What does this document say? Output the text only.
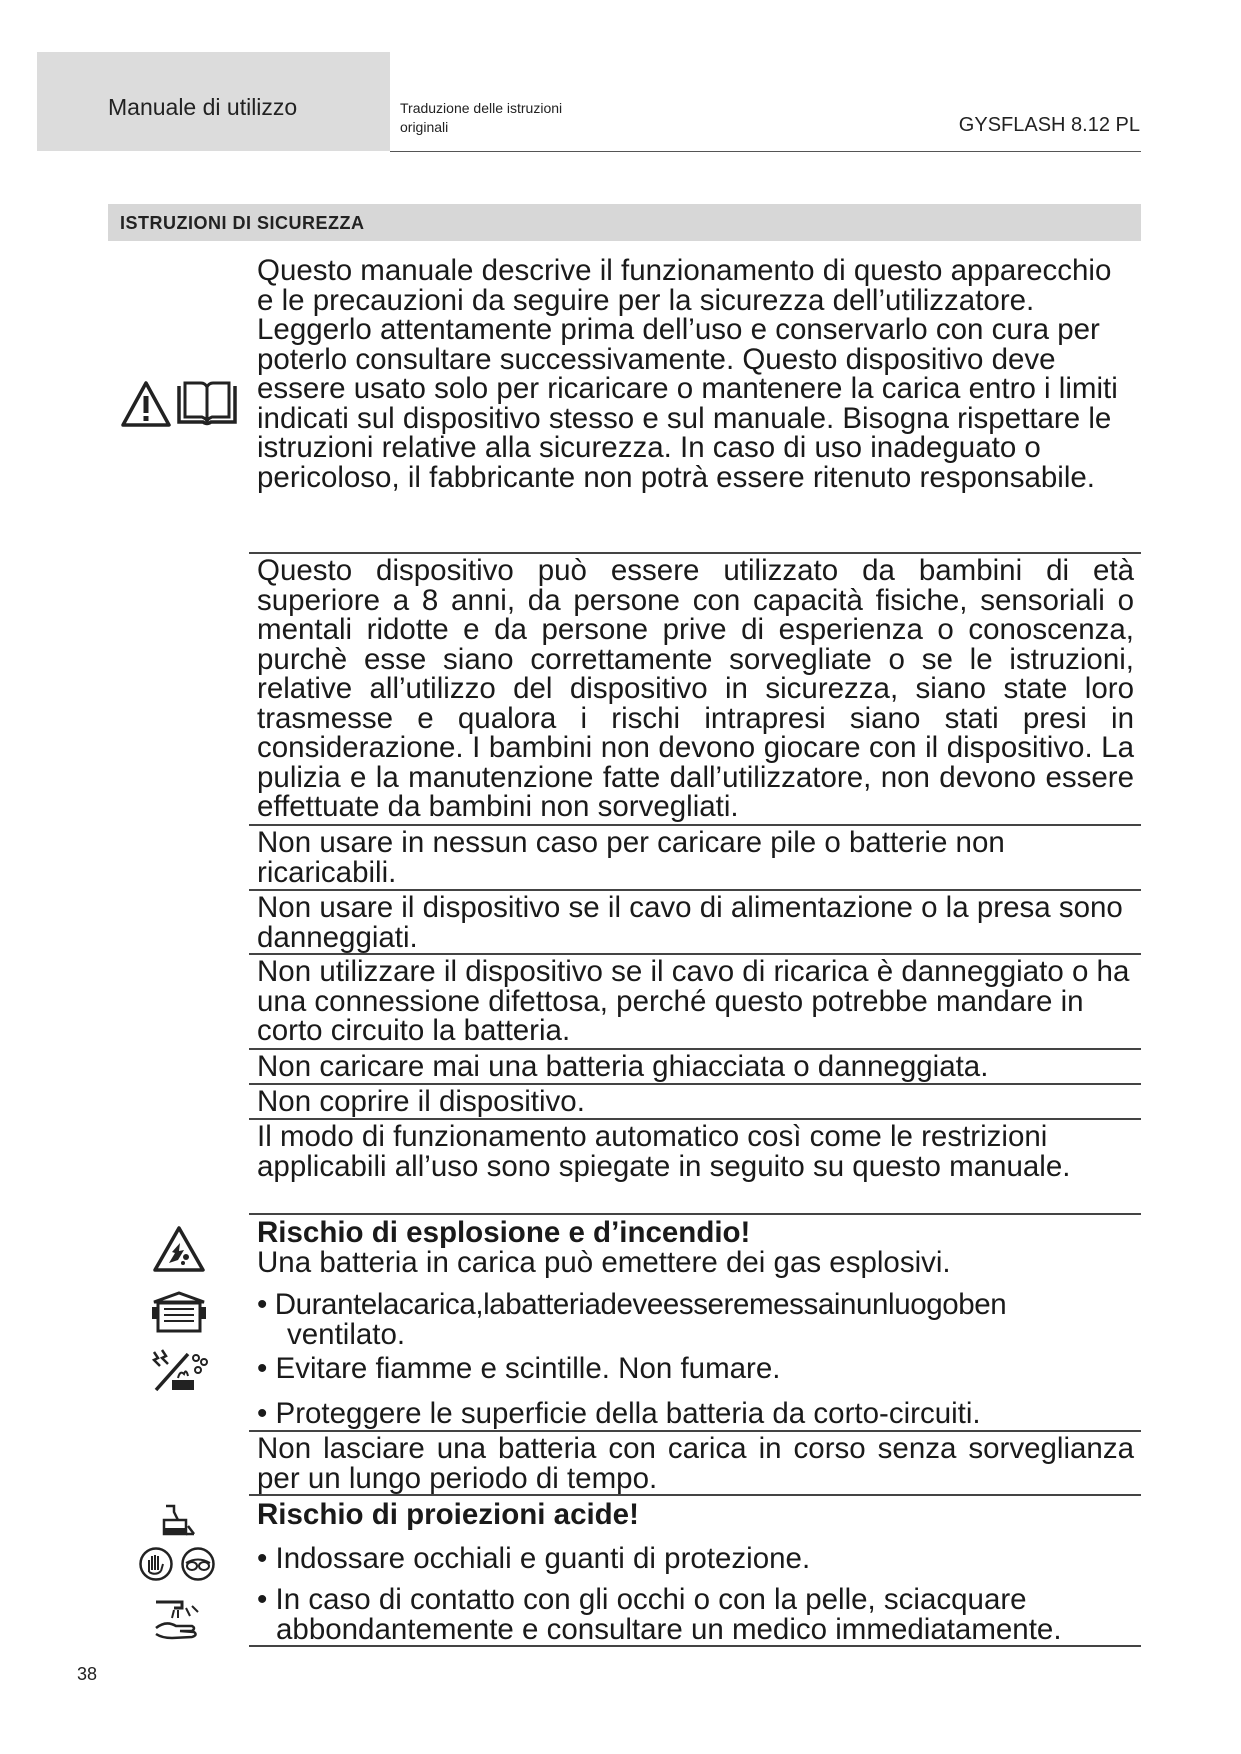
Manuale di utilizzo	Traduzione delle istruzioni
originali	GYSFLASH 8.12 PL
ISTRUZIONI DI SICUREZZA
Questo manuale descrive il funzionamento di questo apparecchio e le precauzioni da seguire per la sicurezza dell’utilizzatore. Leggerlo attentamente prima dell’uso e conservarlo con cura per poterlo consultare successivamente. Questo dispositivo deve essere usato solo per ricaricare o mantenere la carica entro i limiti indicati sul dispositivo stesso e sul manuale. Bisogna rispettare le istruzioni relative alla sicurezza. In caso di uso inadeguato o pericoloso, il fabbricante non potrà essere ritenuto responsabile.
Questo dispositivo può essere utilizzato da bambini di età superiore a 8 anni, da persone con capacità fisiche, sensoriali o mentali ridotte e da persone prive di esperienza o conoscenza, purchè esse siano correttamente sorvegliate o se le istruzioni, relative all’utilizzo del dispositivo in sicurezza, siano state loro trasmesse e qualora i rischi intrapresi siano stati presi in considerazione. I bambini non devono giocare con il dispositivo. La pulizia e la manutenzione fatte dall’utilizzatore, non devono essere effettuate da bambini non sorvegliati.
Non usare in nessun caso per caricare pile o batterie non ricaricabili.
Non usare il dispositivo se il cavo di alimentazione o la presa sono danneggiati.
Non utilizzare il dispositivo se il cavo di ricarica è danneggiato o ha una connessione difettosa, perché questo potrebbe mandare in corto circuito la batteria.
Non caricare mai una batteria ghiacciata o danneggiata.
Non coprire il dispositivo.
Il modo di funzionamento automatico così come le restrizioni applicabili all’uso sono spiegate in seguito su questo manuale.
Rischio di esplosione e d’incendio!
Una batteria in carica può emettere dei gas esplosivi.
• Durantelacarica,labatteriadeveesseremessainunluogoben
ventilato.
• Evitare fiamme e scintille. Non fumare.
• Proteggere le superficie della batteria da corto-circuiti.
Non lasciare una batteria con carica in corso senza sorveglianza per un lungo periodo di tempo.
Rischio di proiezioni acide!
• Indossare occhiali e guanti di protezione.
• In caso di contatto con gli occhi o con la pelle, sciacquare
abbondantemente e consultare un medico immediatamente.
38
